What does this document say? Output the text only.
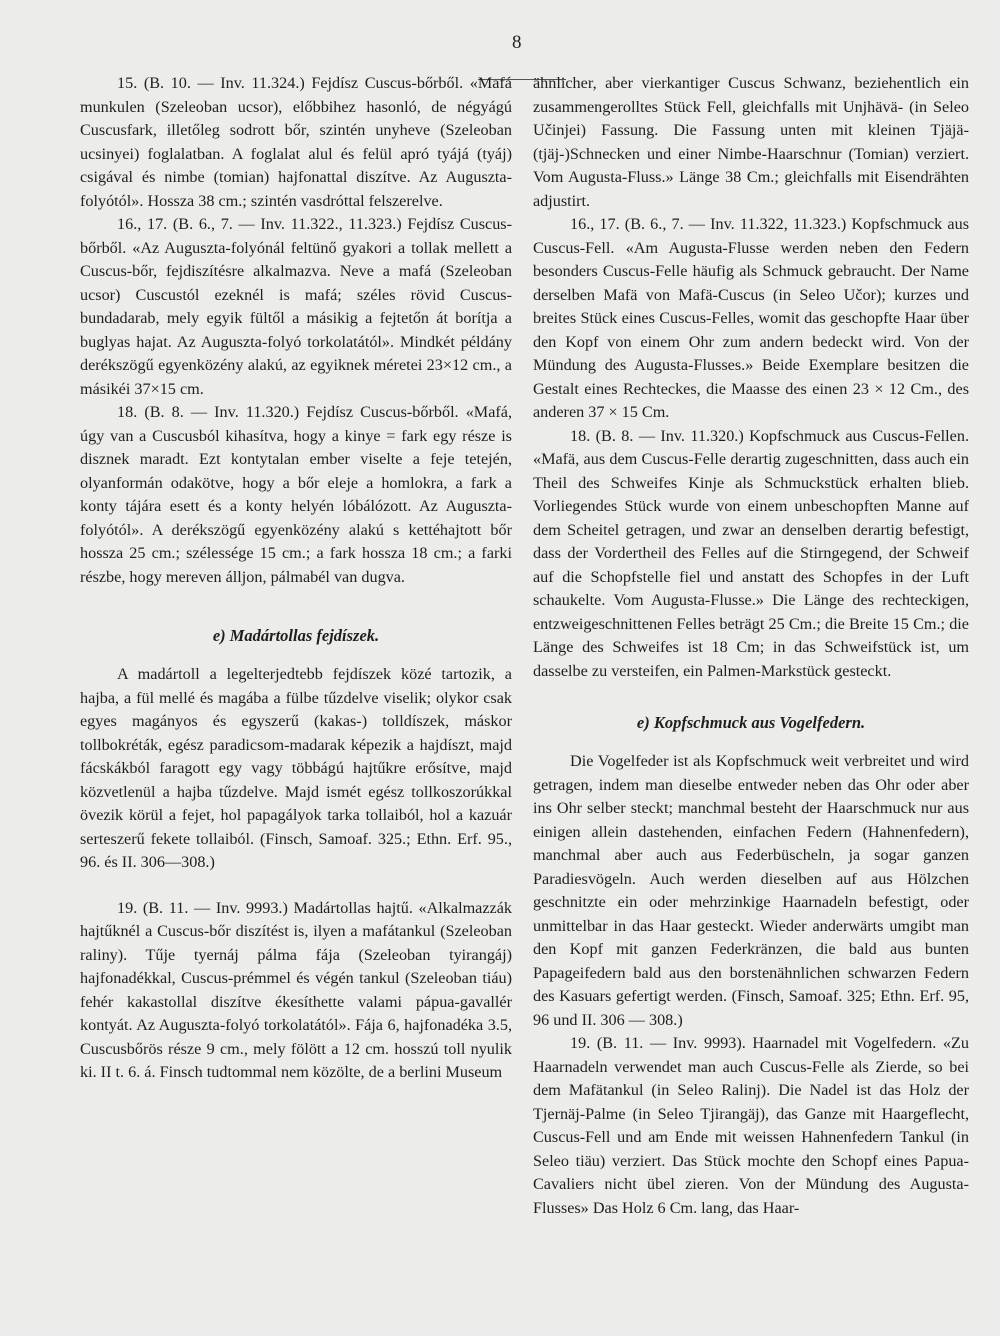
8

15. (B. 10. — Inv. 11.324.) Fejdísz Cuscus-bőrből. «Mafá munkulen (Szeleoban ucsor), előbbihez hasonló, de négyágú Cuscusfark, illetőleg sodrott bőr, szintén unyheve (Szeleoban ucsinyei) foglalatban. A foglalat alul és felül apró tyájá (tyáj) csigával és nimbe (tomian) hajfonattal diszítve. Az Auguszta-folyótól». Hossza 38 cm.; szintén vasdróttal felszerelve.

16., 17. (B. 6., 7. — Inv. 11.322., 11.323.) Fejdísz Cuscus-bőrből. «Az Auguszta-folyónál feltünő gyakori a tollak mellett a Cuscus-bőr, fejdiszítésre alkalmazva. Neve a mafá (Szeleoban ucsor) Cuscustól ezeknél is mafá; széles rövid Cuscus-bundadarab, mely egyik fültől a másikig a fejtetőn át borítja a buglyas hajat. Az Auguszta-folyó torkolatától». Mindkét példány derékszögű egyenközény alakú, az egyiknek méretei 23×12 cm., a másikéi 37×15 cm.

18. (B. 8. — Inv. 11.320.) Fejdísz Cuscus-bőrből. «Mafá, úgy van a Cuscusból kihasítva, hogy a kinye = fark egy része is disznek maradt. Ezt kontytalan ember viselte a feje tetején, olyanformán odakötve, hogy a bőr eleje a homlokra, a fark a konty tájára esett és a konty helyén lóbálózott. Az Auguszta-folyótól». A derékszögű egyenközény alakú s kettéhajtott bőr hossza 25 cm.; szélessége 15 cm.; a fark hossza 18 cm.; a farki részbe, hogy mereven álljon, pálmabél van dugva.

e) Madártollas fejdíszek.

A madártoll a legelterjedtebb fejdíszek közé tartozik, a hajba, a fül mellé és magába a fülbe tűzdelve viselik; olykor csak egyes magányos és egyszerű (kakas-) tolldíszek, máskor tollbokréták, egész paradicsom-madarak képezik a hajdíszt, majd fácskákból faragott egy vagy többágú hajtűkre erősítve, majd közvetlenül a hajba tűzdelve. Majd ismét egész tollkoszorúkkal övezik körül a fejet, hol papagályok tarka tollaiból, hol a kazuár serteszerű fekete tollaiból. (Finsch, Samoaf. 325.; Ethn. Erf. 95., 96. és II. 306—308.)

19. (B. 11. — Inv. 9993.) Madártollas hajtű. «Alkalmazzák hajtűknél a Cuscus-bőr diszítést is, ilyen a mafátankul (Szeleoban raliny). Tűje tyernáj pálma fája (Szeleoban tyirangáj) hajfonadékkal, Cuscus-prémmel és végén tankul (Szeleoban tiáu) fehér kakastollal diszítve ékesíthette valami pápua-gavallér kontyát. Az Auguszta-folyó torkolatától». Fája 6, hajfonadéka 3.5, Cuscusbőrös része 9 cm., mely fölött a 12 cm. hosszú toll nyulik ki. II t. 6. á. Finsch tudtommal nem közölte, de a berlini Museum

ähnlicher, aber vierkantiger Cuscus Schwanz, beziehentlich ein zusammengerolltes Stück Fell, gleichfalls mit Unjhävä- (in Seleo Učinjei) Fassung. Die Fassung unten mit kleinen Tjäjä-(tjäj-)Schnecken und einer Nimbe-Haarschnur (Tomian) verziert. Vom Augusta-Fluss.» Länge 38 Cm.; gleichfalls mit Eisendrähten adjustirt.

16., 17. (B. 6., 7. — Inv. 11.322, 11.323.) Kopfschmuck aus Cuscus-Fell. «Am Augusta-Flusse werden neben den Federn besonders Cuscus-Felle häufig als Schmuck gebraucht. Der Name derselben Mafä von Mafä-Cuscus (in Seleo Učor); kurzes und breites Stück eines Cuscus-Felles, womit das geschopfte Haar über den Kopf von einem Ohr zum andern bedeckt wird. Von der Mündung des Augusta-Flusses.» Beide Exemplare besitzen die Gestalt eines Rechteckes, die Maasse des einen 23 × 12 Cm., des anderen 37 × 15 Cm.

18. (B. 8. — Inv. 11.320.) Kopfschmuck aus Cuscus-Fellen. «Mafä, aus dem Cuscus-Felle derartig zugeschnitten, dass auch ein Theil des Schweifes Kinje als Schmuckstück erhalten blieb. Vorliegendes Stück wurde von einem unbeschopften Manne auf dem Scheitel getragen, und zwar an denselben derartig befestigt, dass der Vordertheil des Felles auf die Stirngegend, der Schweif auf die Schopfstelle fiel und anstatt des Schopfes in der Luft schaukelte. Vom Augusta-Flusse.» Die Länge des rechteckigen, entzweigeschnittenen Felles beträgt 25 Cm.; die Breite 15 Cm.; die Länge des Schweifes ist 18 Cm; in das Schweifstück ist, um dasselbe zu versteifen, ein Palmen-Markstück gesteckt.

e) Kopfschmuck aus Vogelfedern.

Die Vogelfeder ist als Kopfschmuck weit verbreitet und wird getragen, indem man dieselbe entweder neben das Ohr oder aber ins Ohr selber steckt; manchmal besteht der Haarschmuck nur aus einigen allein dastehenden, einfachen Federn (Hahnenfedern), manchmal aber auch aus Federbüscheln, ja sogar ganzen Paradiesvögeln. Auch werden dieselben auf aus Hölzchen geschnitzte ein oder mehrzinkige Haarnadeln befestigt, oder unmittelbar in das Haar gesteckt. Wieder anderwärts umgibt man den Kopf mit ganzen Federkränzen, die bald aus bunten Papageifedern bald aus den borstenähnlichen schwarzen Federn des Kasuars gefertigt werden. (Finsch, Samoaf. 325; Ethn. Erf. 95, 96 und II. 306 — 308.)

19. (B. 11. — Inv. 9993). Haarnadel mit Vogelfedern. «Zu Haarnadeln verwendet man auch Cuscus-Felle als Zierde, so bei dem Mafätankul (in Seleo Ralinj). Die Nadel ist das Holz der Tjernäj-Palme (in Seleo Tjirangäj), das Ganze mit Haargeflecht, Cuscus-Fell und am Ende mit weissen Hahnenfedern Tankul (in Seleo tiäu) verziert. Das Stück mochte den Schopf eines Papua-Cavaliers nicht übel zieren. Von der Mündung des Augusta-Flusses» Das Holz 6 Cm. lang, das Haar-
